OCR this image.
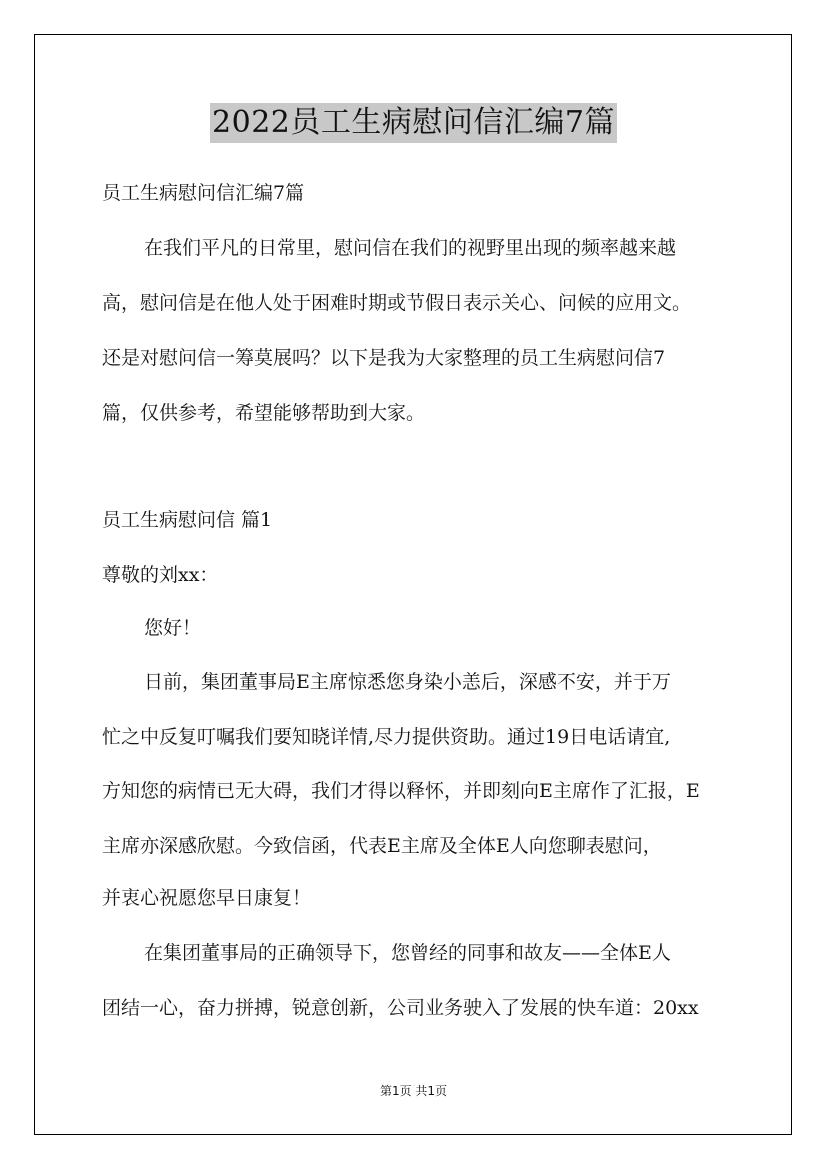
2022员工生病慰问信汇编7篇
员工生病慰问信汇编7篇
在我们平凡的日常里，慰问信在我们的视野里出现的频率越来越
高，慰问信是在他人处于困难时期或节假日表示关心、问候的应用文。
还是对慰问信一筹莫展吗？以下是我为大家整理的员工生病慰问信7
篇，仅供参考，希望能够帮助到大家。
员工生病慰问信 篇1
尊敬的刘xx：
您好！
日前，集团董事局E主席惊悉您身染小恙后，深感不安，并于万
忙之中反复叮嘱我们要知晓详情,尽力提供资助。通过19日电话请宜,
方知您的病情已无大碍，我们才得以释怀，并即刻向E主席作了汇报，E
主席亦深感欣慰。今致信函，代表E主席及全体E人向您聊表慰问，
并衷心祝愿您早日康复！
在集团董事局的正确领导下，您曾经的同事和故友——全体E人
团结一心，奋力拼搏，锐意创新，公司业务驶入了发展的快车道：20xx
第1页 共1页
